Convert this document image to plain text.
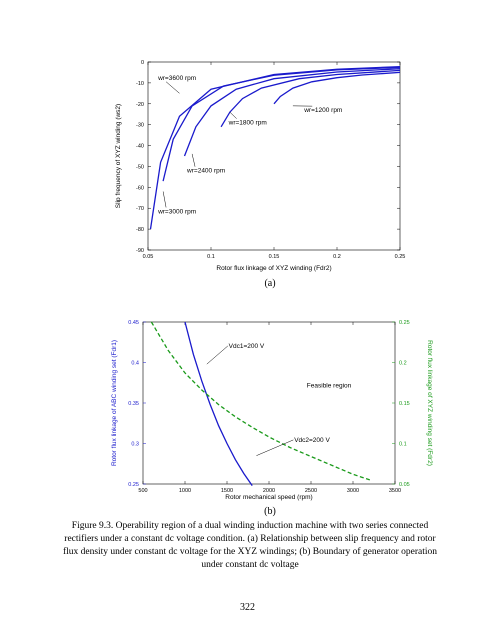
0.05	0.1	0.15	0.2	0.25
0
-10
-20
-30
-40
-50
-60
-70
-80
-90
Rotor flux linkage of XYZ winding (Fdr2)
Slip frequency of XYZ winding (ws2)
wr=3600 rpm
wr=3000 rpm
wr=2400 rpm
wr=1800 rpm
wr=1200 rpm
500	1000	1500	2000	2500	3000	3500
0.25
0.3
0.35
0.4
0.45
0.05
0.1
0.15
0.2
0.25
Rotor mechanical speed (rpm)
Rotor flux linkage of ABC winding set (Fdr1)	Rotor flux linkage of XYZ winding set (Fdr2)
Vdc1=200 V
Feasible region
Vdc2=200 V
(a)
(b)
Figure 9.3. Operability region of a dual winding induction machine with two series connected rectifiers under a constant dc voltage condition. (a) Relationship between slip frequency and rotor flux density under constant dc voltage for the XYZ windings; (b) Boundary of generator operation under constant dc voltage
322
